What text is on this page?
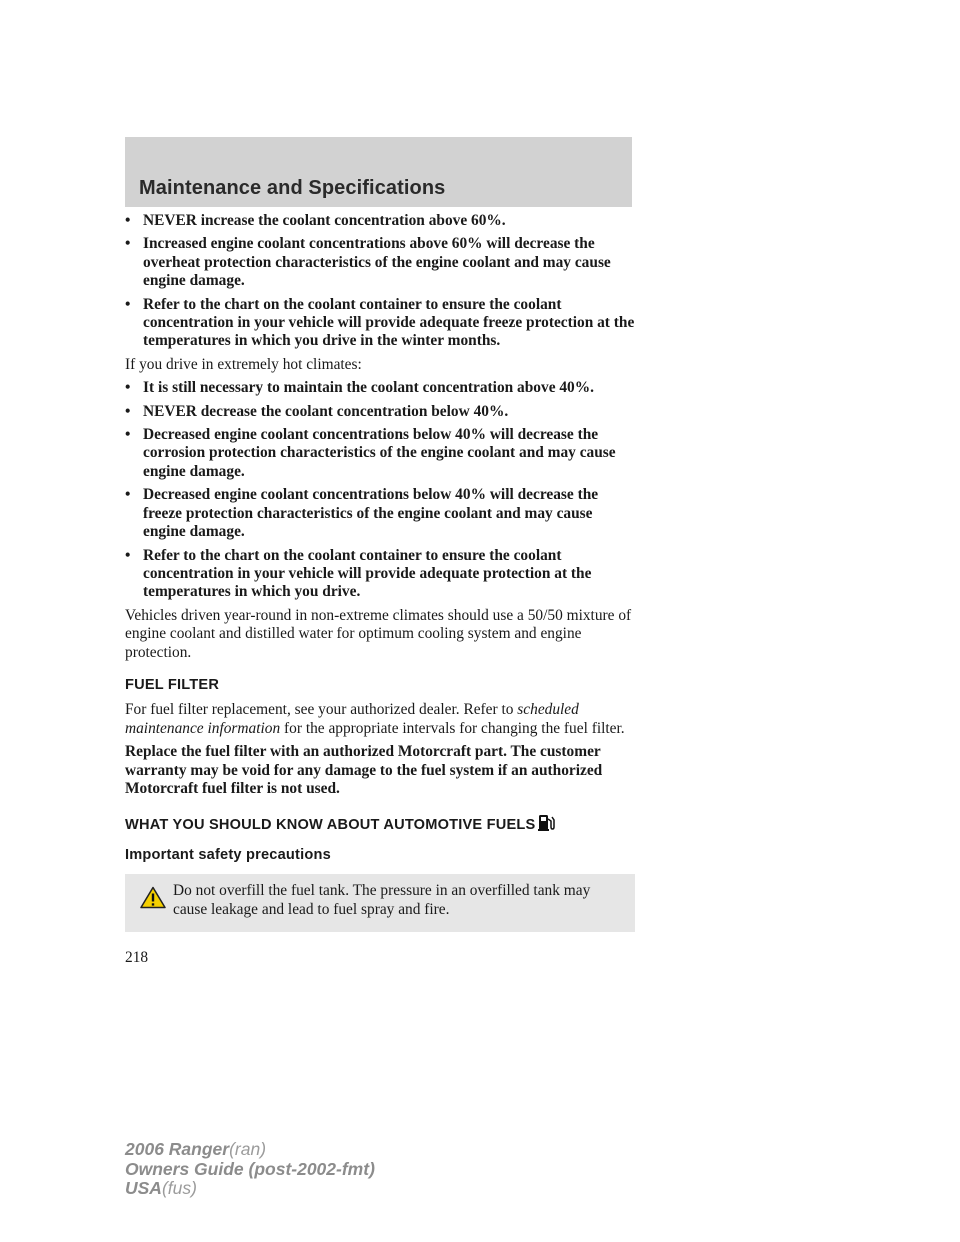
Maintenance and Specifications
• NEVER increase the coolant concentration above 60%.
• Increased engine coolant concentrations above 60% will decrease the overheat protection characteristics of the engine coolant and may cause engine damage.
• Refer to the chart on the coolant container to ensure the coolant concentration in your vehicle will provide adequate freeze protection at the temperatures in which you drive in the winter months.

If you drive in extremely hot climates:

• It is still necessary to maintain the coolant concentration above 40%.
• NEVER decrease the coolant concentration below 40%.
• Decreased engine coolant concentrations below 40% will decrease the corrosion protection characteristics of the engine coolant and may cause engine damage.
• Decreased engine coolant concentrations below 40% will decrease the freeze protection characteristics of the engine coolant and may cause engine damage.
• Refer to the chart on the coolant container to ensure the coolant concentration in your vehicle will provide adequate protection at the temperatures in which you drive.

Vehicles driven year-round in non-extreme climates should use a 50/50 mixture of engine coolant and distilled water for optimum cooling system and engine protection.

FUEL FILTER

For fuel filter replacement, see your authorized dealer. Refer to scheduled maintenance information for the appropriate intervals for changing the fuel filter.

Replace the fuel filter with an authorized Motorcraft part. The customer warranty may be void for any damage to the fuel system if an authorized Motorcraft fuel filter is not used.

WHAT YOU SHOULD KNOW ABOUT AUTOMOTIVE FUELS
Important safety precautions
Do not overfill the fuel tank. The pressure in an overfilled tank may cause leakage and lead to fuel spray and fire.
218
2006 Ranger(ran)
Owners Guide (post-2002-fmt)
USA(fus)
